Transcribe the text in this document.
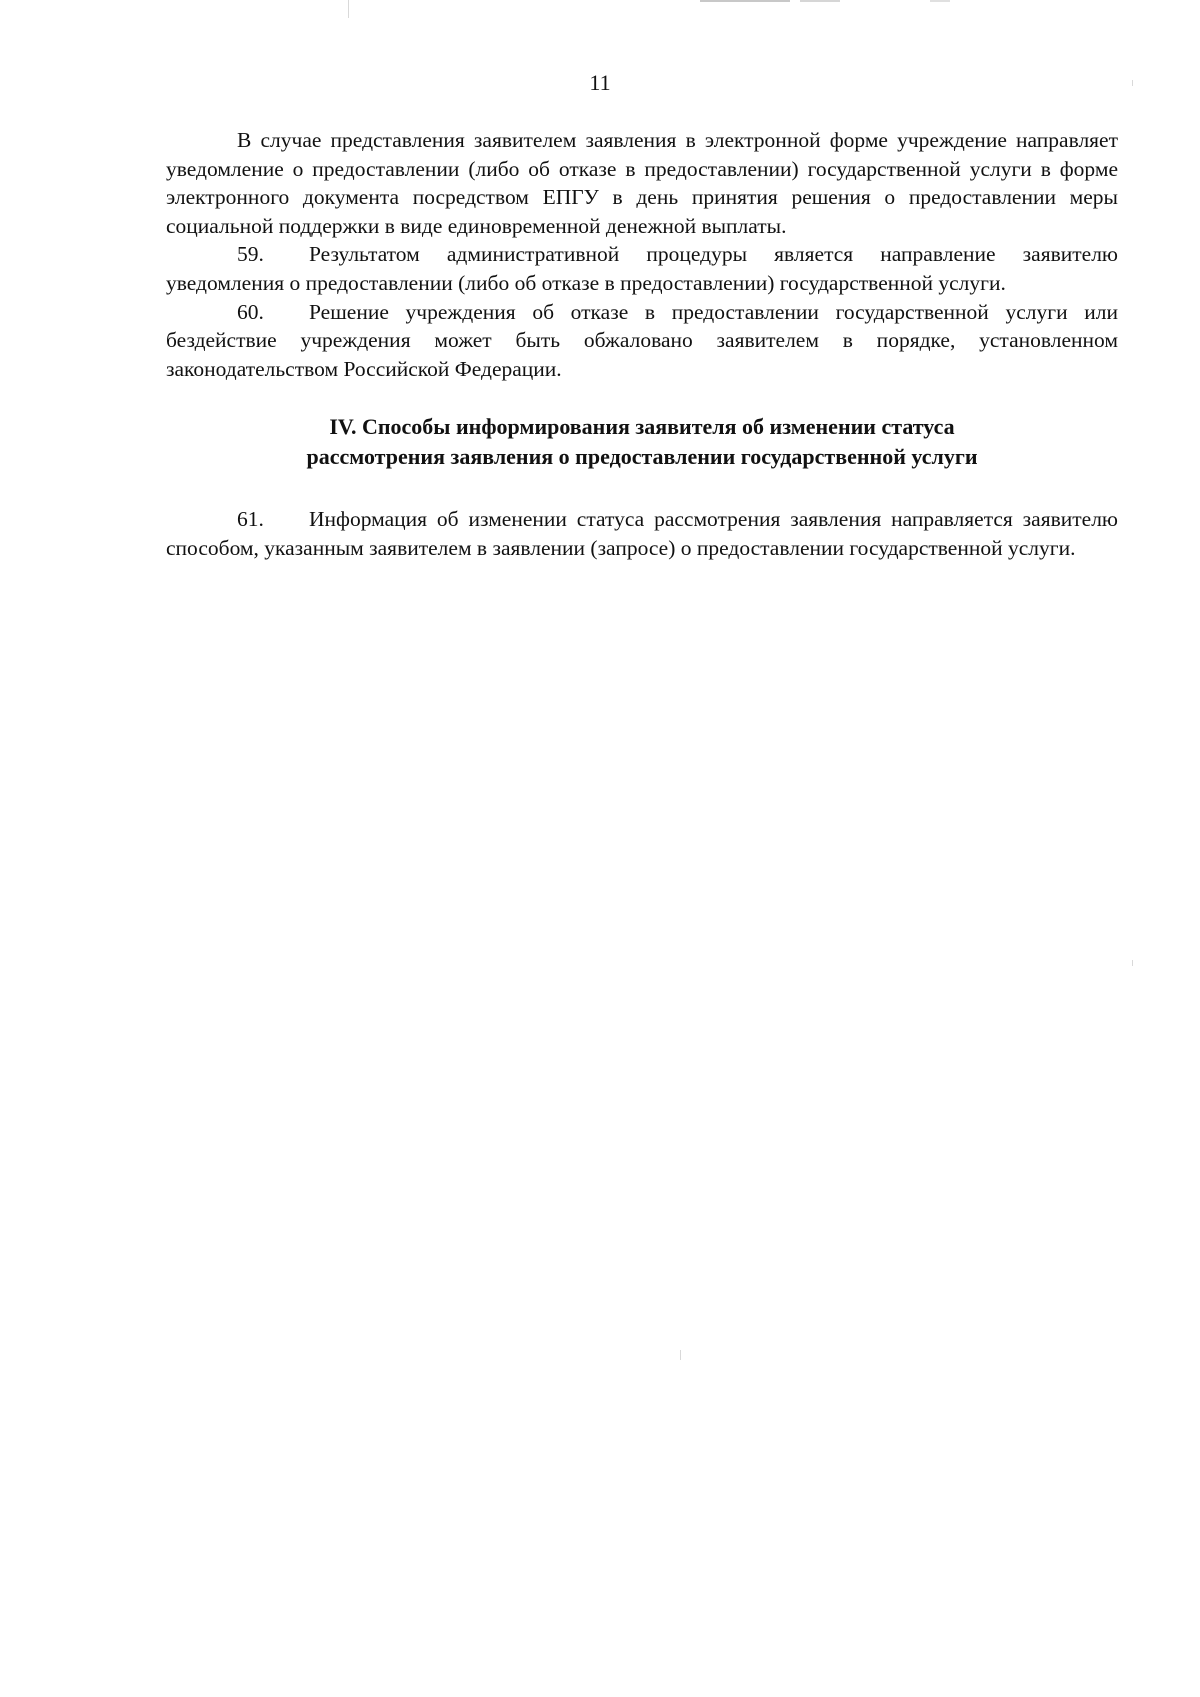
11

В случае представления заявителем заявления в электронной форме учреждение направляет уведомление о предоставлении (либо об отказе в предоставлении) государственной услуги в форме электронного документа посредством ЕПГУ в день принятия решения о предоставлении меры социальной поддержки в виде единовременной денежной выплаты.

59. Результатом административной процедуры является направление заявителю уведомления о предоставлении (либо об отказе в предоставлении) государственной услуги.

60. Решение учреждения об отказе в предоставлении государственной услуги или бездействие учреждения может быть обжаловано заявителем в порядке, установленном законодательством Российской Федерации.

IV. Способы информирования заявителя об изменении статуса
рассмотрения заявления о предоставлении государственной услуги

61. Информация об изменении статуса рассмотрения заявления направляется заявителю способом, указанным заявителем в заявлении (запросе) о предоставлении государственной услуги.
